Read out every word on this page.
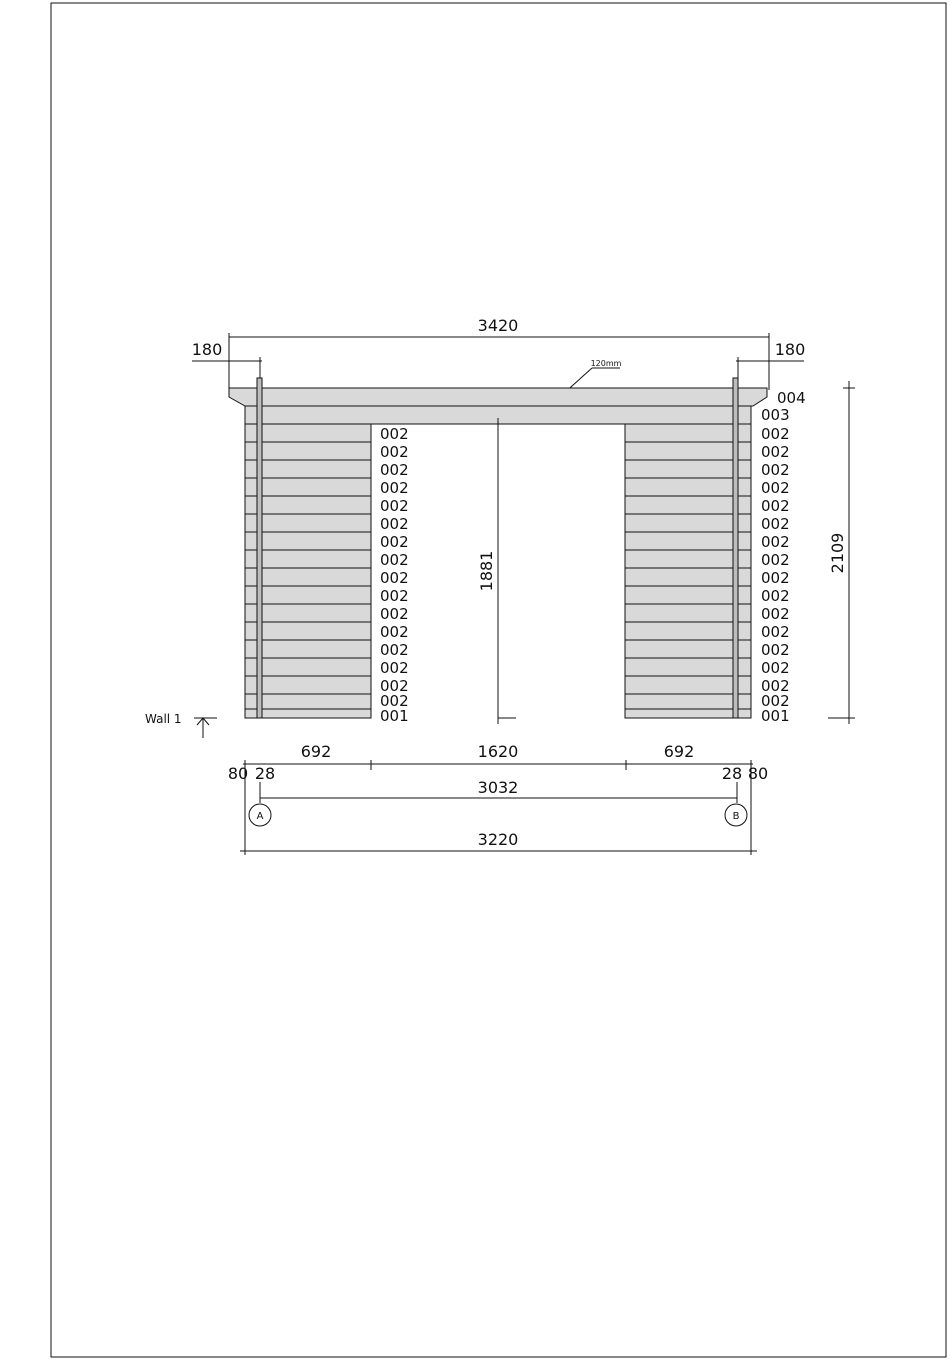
3420
180	180
120mm
002
002
002
002
002
002
002
002
002
002
002
002
002
002
002
002
001
004
003
002
002
002
002
002
002
002
002
002
002
002
002
002
002
002
002
001
1881	2109
Wall 1
692	1620	692
80 28	28 80
3032
A	B
3220
